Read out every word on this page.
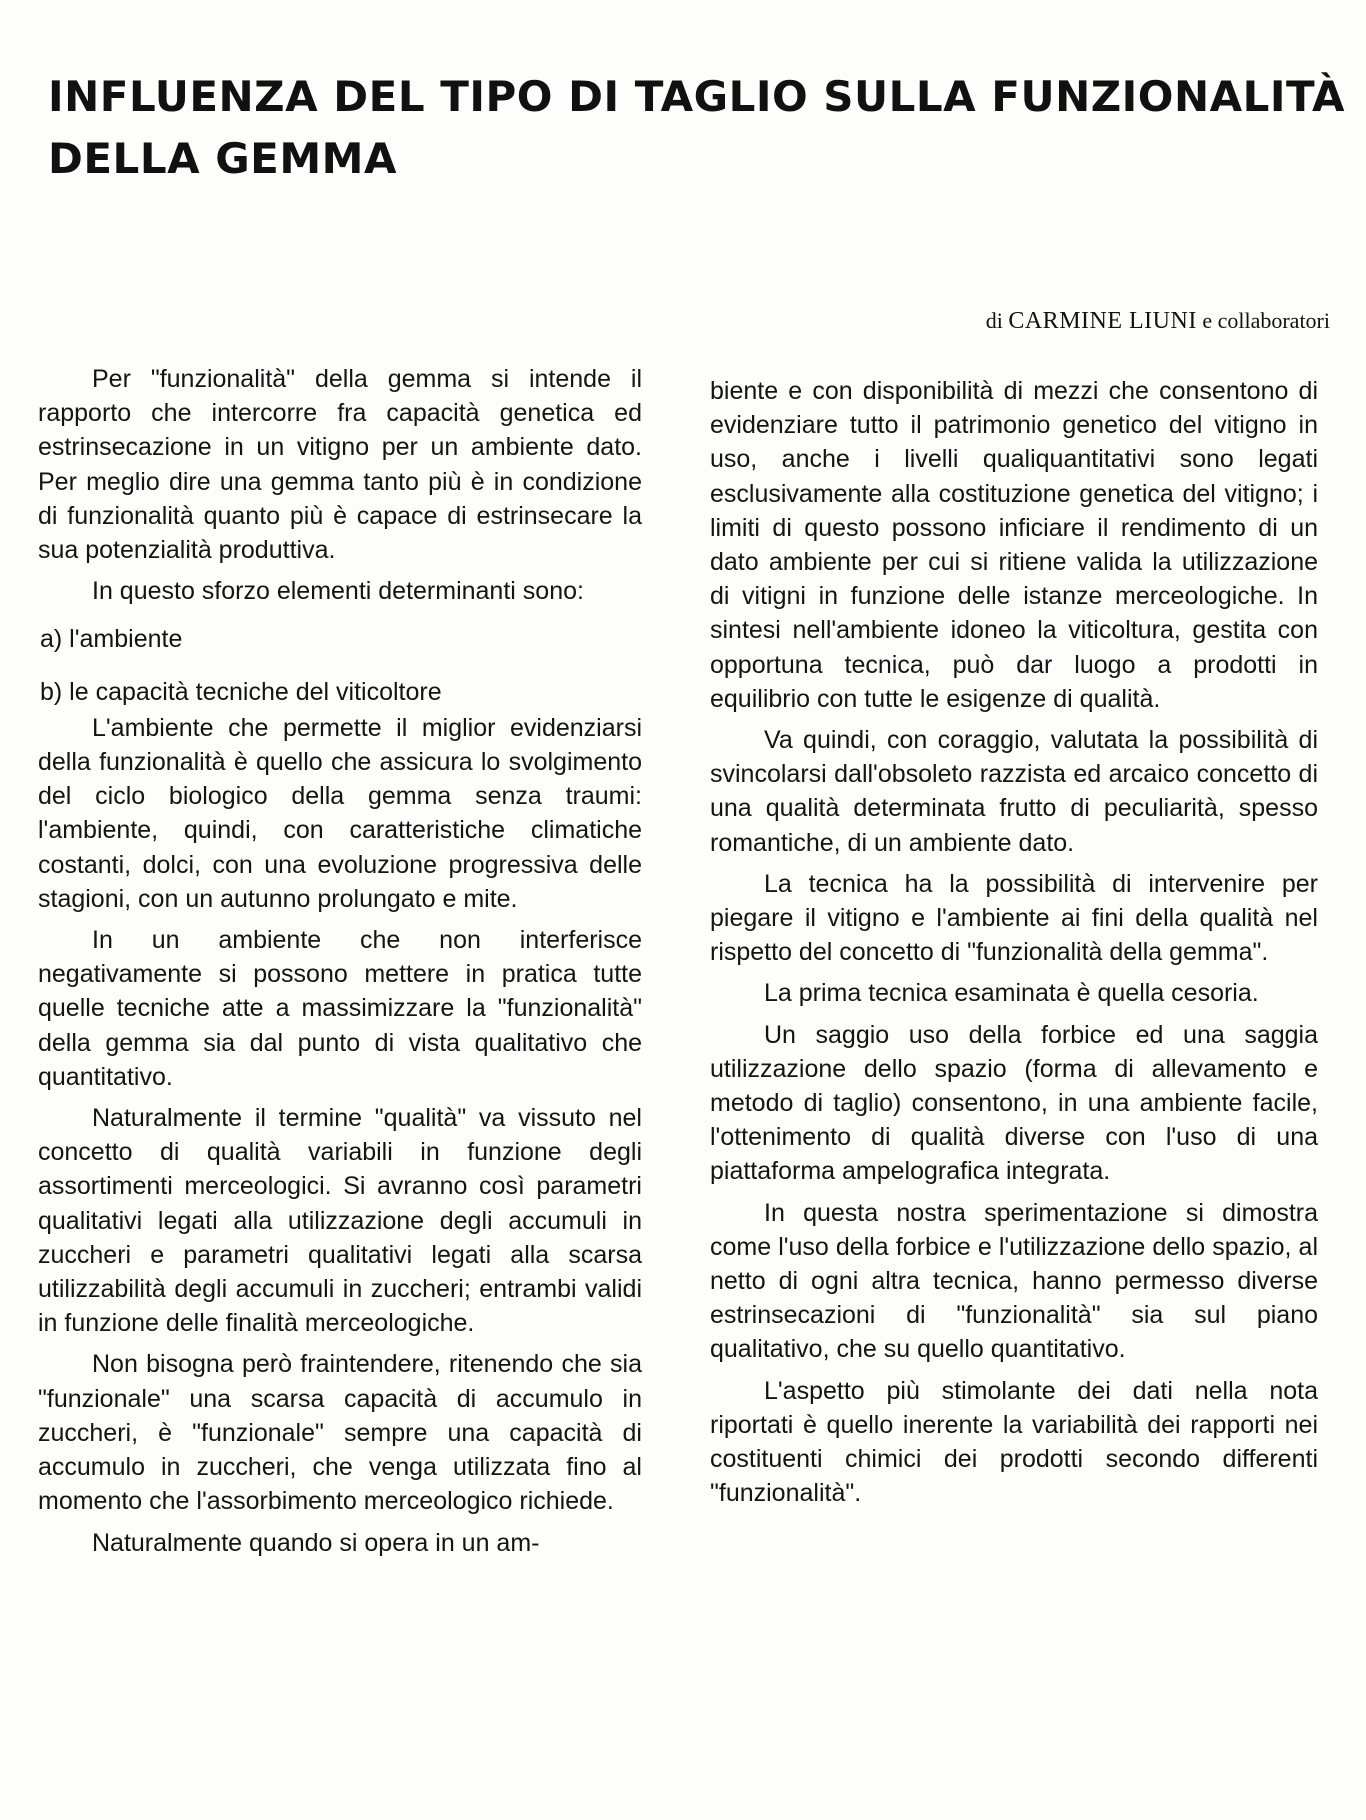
INFLUENZA DEL TIPO DI TAGLIO SULLA FUNZIONALITÀ
DELLA GEMMA
di CARMINE LIUNI e collaboratori

Per "funzionalità" della gemma si intende il rapporto che intercorre fra capacità genetica ed estrinsecazione in un vitigno per un ambiente dato. Per meglio dire una gemma tanto più è in condizione di funzionalità quanto più è capace di estrinsecare la sua potenzialità produttiva.

In questo sforzo elementi determinanti sono:

a) l'ambiente

b) le capacità tecniche del viticoltore

L'ambiente che permette il miglior evidenziarsi della funzionalità è quello che assicura lo svolgimento del ciclo biologico della gemma senza traumi: l'ambiente, quindi, con caratteristiche climatiche costanti, dolci, con una evoluzione progressiva delle stagioni, con un autunno prolungato e mite.

In un ambiente che non interferisce negativamente si possono mettere in pratica tutte quelle tecniche atte a massimizzare la "funzionalità" della gemma sia dal punto di vista qualitativo che quantitativo.

Naturalmente il termine "qualità" va vissuto nel concetto di qualità variabili in funzione degli assortimenti merceologici. Si avranno così parametri qualitativi legati alla utilizzazione degli accumuli in zuccheri e parametri qualitativi legati alla scarsa utilizzabilità degli accumuli in zuccheri; entrambi validi in funzione delle finalità merceologiche.

Non bisogna però fraintendere, ritenendo che sia "funzionale" una scarsa capacità di accumulo in zuccheri, è "funzionale" sempre una capacità di accumulo in zuccheri, che venga utilizzata fino al momento che l'assorbimento merceologico richiede.

Naturalmente quando si opera in un am-

biente e con disponibilità di mezzi che consentono di evidenziare tutto il patrimonio genetico del vitigno in uso, anche i livelli qualiquantitativi sono legati esclusivamente alla costituzione genetica del vitigno; i limiti di questo possono inficiare il rendimento di un dato ambiente per cui si ritiene valida la utilizzazione di vitigni in funzione delle istanze merceologiche. In sintesi nell'ambiente idoneo la viticoltura, gestita con opportuna tecnica, può dar luogo a prodotti in equilibrio con tutte le esigenze di qualità.

Va quindi, con coraggio, valutata la possibilità di svincolarsi dall'obsoleto razzista ed arcaico concetto di una qualità determinata frutto di peculiarità, spesso romantiche, di un ambiente dato.

La tecnica ha la possibilità di intervenire per piegare il vitigno e l'ambiente ai fini della qualità nel rispetto del concetto di "funzionalità della gemma".

La prima tecnica esaminata è quella cesoria.

Un saggio uso della forbice ed una saggia utilizzazione dello spazio (forma di allevamento e metodo di taglio) consentono, in una ambiente facile, l'ottenimento di qualità diverse con l'uso di una piattaforma ampelografica integrata.

In questa nostra sperimentazione si dimostra come l'uso della forbice e l'utilizzazione dello spazio, al netto di ogni altra tecnica, hanno permesso diverse estrinsecazioni di "funzionalità" sia sul piano qualitativo, che su quello quantitativo.

L'aspetto più stimolante dei dati nella nota riportati è quello inerente la variabilità dei rapporti nei costituenti chimici dei prodotti secondo differenti "funzionalità".
